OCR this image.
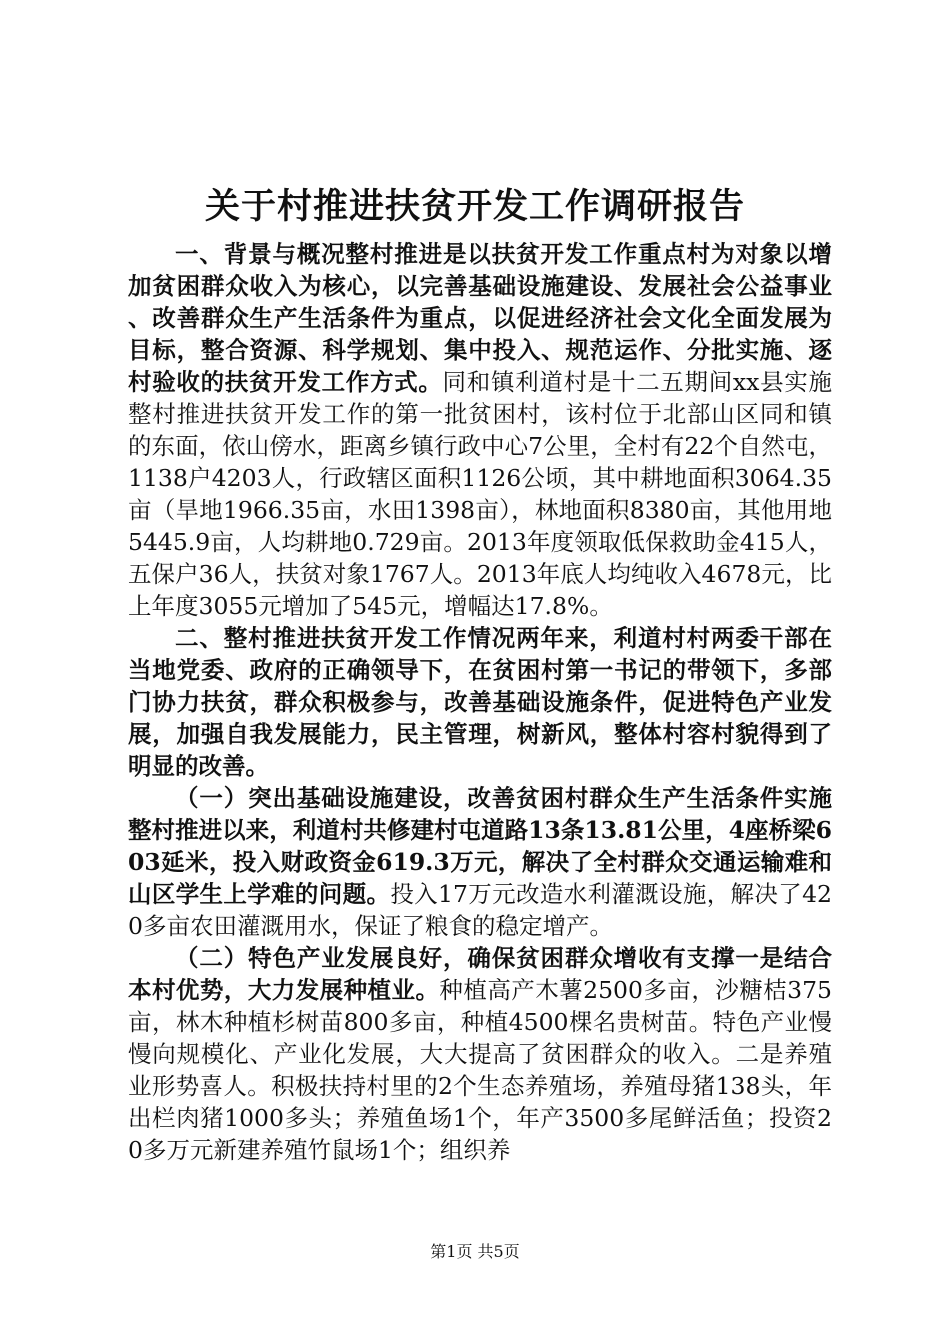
关于村推进扶贫开发工作调研报告

一、背景与概况整村推进是以扶贫开发工作重点村为对象以增加贫困群众收入为核心，以完善基础设施建设、发展社会公益事业、改善群众生产生活条件为重点，以促进经济社会文化全面发展为目标，整合资源、科学规划、集中投入、规范运作、分批实施、逐村验收的扶贫开发工作方式。同和镇利道村是十二五期间xx县实施整村推进扶贫开发工作的第一批贫困村，该村位于北部山区同和镇的东面，依山傍水，距离乡镇行政中心7公里，全村有22个自然屯，1138户4203人，行政辖区面积1126公顷，其中耕地面积3064.35亩（旱地1966.35亩，水田1398亩），林地面积8380亩，其他用地5445.9亩，人均耕地0.729亩。2013年度领取低保救助金415人，五保户36人，扶贫对象1767人。2013年底人均纯收入4678元，比上年度3055元增加了545元，增幅达17.8%。

二、整村推进扶贫开发工作情况两年来，利道村村两委干部在当地党委、政府的正确领导下，在贫困村第一书记的带领下，多部门协力扶贫，群众积极参与，改善基础设施条件，促进特色产业发展，加强自我发展能力，民主管理，树新风，整体村容村貌得到了明显的改善。

（一）突出基础设施建设，改善贫困村群众生产生活条件实施整村推进以来，利道村共修建村屯道路13条13.81公里，4座桥梁603延米，投入财政资金619.3万元，解决了全村群众交通运输难和山区学生上学难的问题。投入17万元改造水利灌溉设施，解决了420多亩农田灌溉用水，保证了粮食的稳定增产。

（二）特色产业发展良好，确保贫困群众增收有支撑一是结合本村优势，大力发展种植业。种植高产木薯2500多亩，沙糖桔375亩，林木种植杉树苗800多亩，种植4500棵名贵树苗。特色产业慢慢向规模化、产业化发展，大大提高了贫困群众的收入。二是养殖业形势喜人。积极扶持村里的2个生态养殖场，养殖母猪138头，年出栏肉猪1000多头；养殖鱼场1个，年产3500多尾鲜活鱼；投资20多万元新建养殖竹鼠场1个；组织养

第1页 共5页
